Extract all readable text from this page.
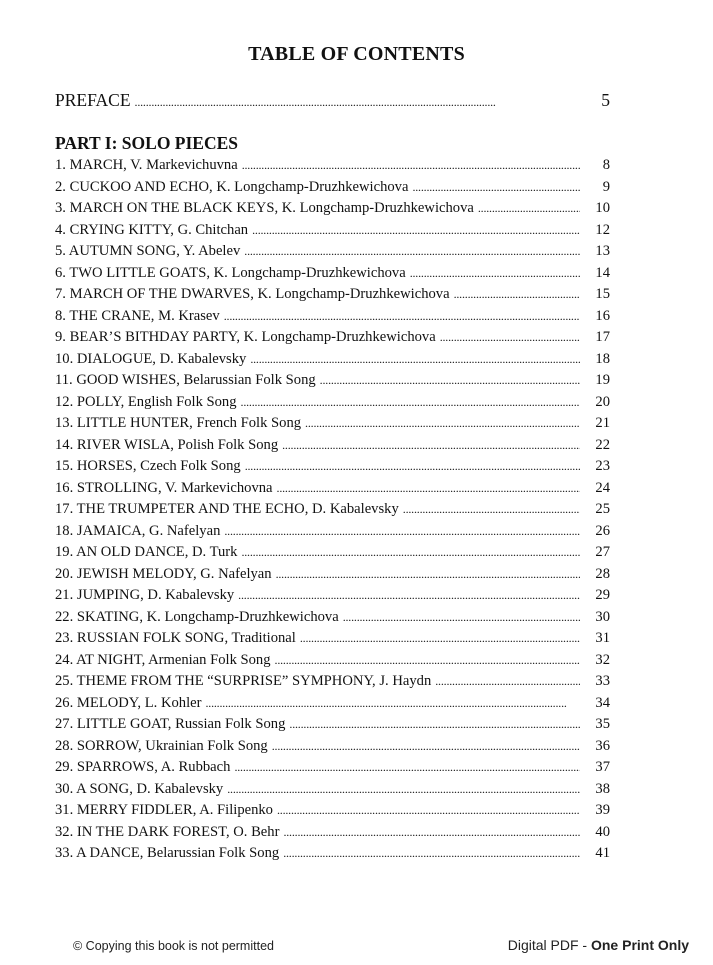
TABLE OF CONTENTS
PREFACE . . .	5
PART I: SOLO PIECES
1. MARCH, V. Markevichuvna . . .	8
2. CUCKOO AND ECHO, K. Longchamp-Druzhkewichova . . .	9
3. MARCH ON THE BLACK KEYS, K. Longchamp-Druzhkewichova . . .	10
4. CRYING KITTY, G. Chitchan . . .	12
5. AUTUMN SONG, Y. Abelev . . .	13
6. TWO LITTLE GOATS, K. Longchamp-Druzhkewichova . . .	14
7. MARCH OF THE DWARVES, K. Longchamp-Druzhkewichova . . .	15
8. THE CRANE, M. Krasev . . .	16
9. BEAR’S BITHDAY PARTY, K. Longchamp-Druzhkewichova . . .	17
10. DIALOGUE, D. Kabalevsky . . .	18
11. GOOD WISHES, Belarussian Folk Song . . .	19
12. POLLY, English Folk Song . . .	20
13. LITTLE HUNTER, French Folk Song . . .	21
14. RIVER WISLA, Polish Folk Song . . .	22
15. HORSES, Czech Folk Song . . .	23
16. STROLLING, V. Markevichovna . . .	24
17. THE TRUMPETER AND THE ECHO, D. Kabalevsky . . .	25
18. JAMAICA, G. Nafelyan . . .	26
19. AN OLD DANCE, D. Turk . . .	27
20. JEWISH MELODY, G. Nafelyan . . .	28
21. JUMPING, D. Kabalevsky . . .	29
22. SKATING, K. Longchamp-Druzhkewichova . . .	30
23. RUSSIAN FOLK SONG, Traditional . . .	31
24. AT NIGHT, Armenian Folk Song . . .	32
25. THEME FROM THE “SURPRISE” SYMPHONY, J. Haydn . . .	33
26. MELODY, L. Kohler . . .	34
27. LITTLE GOAT, Russian Folk Song . . .	35
28. SORROW, Ukrainian Folk Song . . .	36
29. SPARROWS, A. Rubbach . . .	37
30. A SONG, D. Kabalevsky . . .	38
31. MERRY FIDDLER, A. Filipenko . . .	39
32. IN THE DARK FOREST, O. Behr . . .	40
33. A DANCE, Belarussian Folk Song . . .	41
© Copying this book is not permitted	Digital PDF - One Print Only
